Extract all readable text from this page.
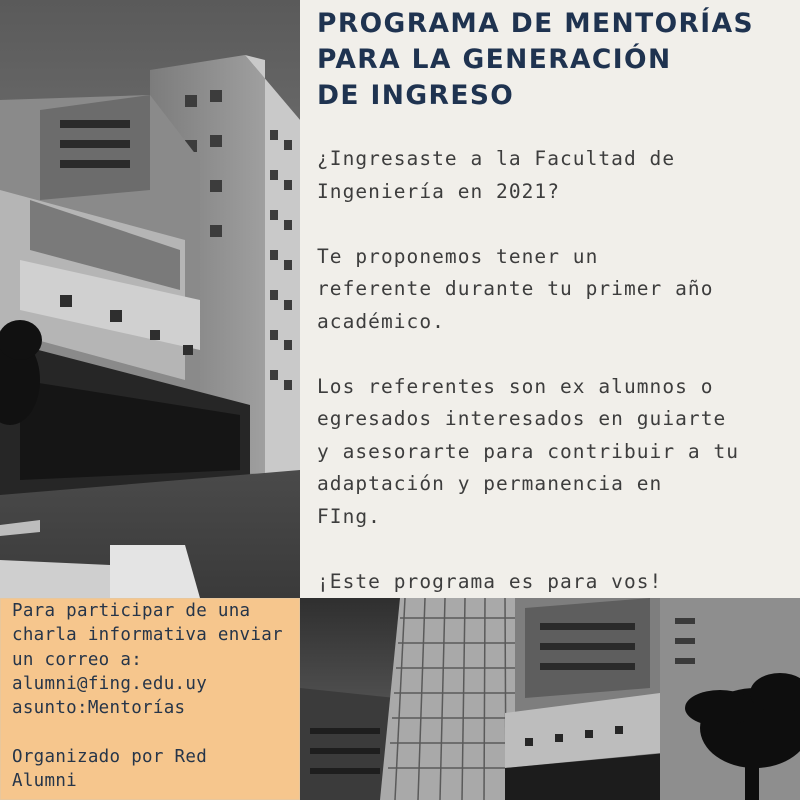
PROGRAMA DE MENTORÍAS
PARA LA GENERACIÓN
DE INGRESO

¿Ingresaste a la Facultad de

Ingeniería en 2021?

Te proponemos tener un

referente durante tu primer año

académico.

Los referentes son ex alumnos o

egresados interesados en guiarte

y asesorarte para contribuir a tu

adaptación y permanencia en

FIng.

¡Este programa es para vos!

Para participar de una

charla informativa enviar

un correo a:

alumni@fing.edu.uy

asunto:Mentorías

Organizado por Red

Alumni
